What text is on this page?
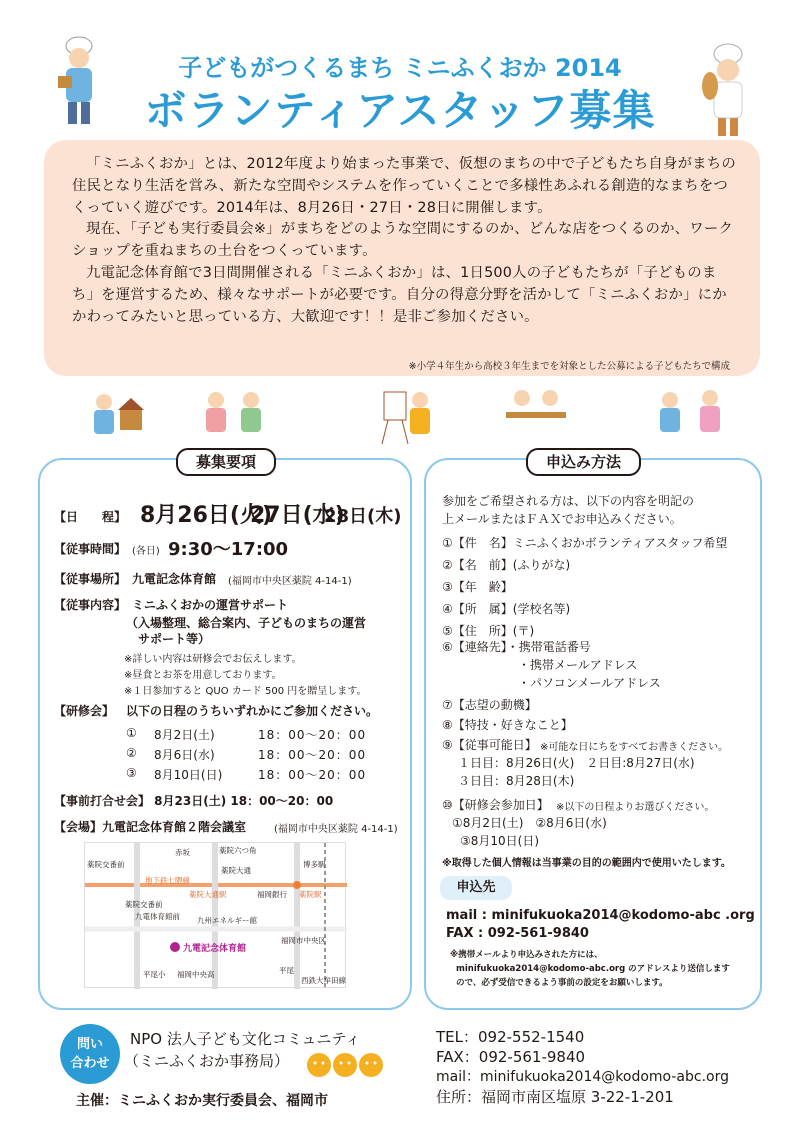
子どもがつくるまち ミニふくおか 2014
ボランティアスタッフ募集

「ミニふくおか」とは、2012年度より始まった事業で、仮想のまちの中で子どもたち自身がまちの住民となり生活を営み、新たな空間やシステムを作っていくことで多様性あふれる創造的なまちをつくっていく遊びです。2014年は、8月26日・27日・28日に開催します。

現在、「子ども実行委員会※」がまちをどのような空間にするのか、どんな店をつくるのか、ワークショップを重ねまちの土台をつくっています。

九電記念体育館で3日間開催される「ミニふくおか」は、1日500人の子どもたちが「子どものまち」を運営するため、様々なサポートが必要です。自分の得意分野を活かして「ミニふくおか」にかかわってみたいと思っている方、大歓迎です！！是非ご参加ください。

※小学４年生から高校３年生までを対象とした公募による子どもたちで構成
募集要項
【日　　程】 8月26日(火)
27日(水)
28日(木)
【従事時間】 (各日) 9:30〜17:00
【従事場所】 九電記念体育館 (福岡市中央区薬院 4-14-1)
【従事内容】 ミニふくおかの運営サポート
（入場整理、総合案内、子どものまちの運営
サポート等）
※詳しい内容は研修会でお伝えします。
※昼食とお茶を用意しております。
※１日参加すると QUO カード 500 円を贈呈します。
【研修会】 以下の日程のうちいずれかにご参加ください。
① 8月2日(土)	18：00〜20：00
② 8月6日(水)	18：00〜20：00
③ 8月10日(日)	18：00〜20：00
【事前打合せ会】 8月23日(土) 18：00〜20：00
【会場】九電記念体育館２階会議室	(福岡市中央区薬院 4-14-1)
赤坂	薬院六つ角
薬院交番前
薬院大通
博多駅
地下鉄七隈線
薬院大通駅	福岡銀行 薬院駅
薬院交番前
九電体育館前 九州エネルギー館
九電記念体育館
福岡市中央区
平尾小 福岡中央高	平尾
西鉄大牟田線
申込み方法
参加をご希望される方は、以下の内容を明記の
上メールまたはＦＡＸでお申込みください。
①【件　名】ミニふくおかボランティアスタッフ希望
②【名　前】(ふりがな)
③【年　齢】
④【所　属】(学校名等)
⑤【住　所】(〒)
⑥【連絡先】・携帯電話番号
・携帯メールアドレス
・パソコンメールアドレス
⑦【志望の動機】
⑧【特技・好きなこと】
⑨【従事可能日】 ※可能な日にちをすべてお書きください。
１日目：8月26日(火)　２日目:8月27日(水)
３日目：8月28日(木)
⑩【研修会参加日】 ※以下の日程よりお選びください。
①8月2日(土)　②8月6日(水)
③8月10日(日)
※取得した個人情報は当事業の目的の範囲内で使用いたします。
申込先
mail : minifukuoka2014@kodomo-abc .org
FAX : 092-561-9840
※携帯メールより申込みされた方には、
minifukuoka2014@kodomo-abc.org のアドレスより送信します
ので、必ず受信できるよう事前の設定をお願いします。
問い
合わせ
NPO 法人子ども文化コミュニティ
（ミニふくおか事務局）
主催：ミニふくおか実行委員会、福岡市
TEL：092-552-1540
FAX：092-561-9840
mail：minifukuoka2014@kodomo-abc.org
住所：福岡市南区塩原 3-22-1-201
